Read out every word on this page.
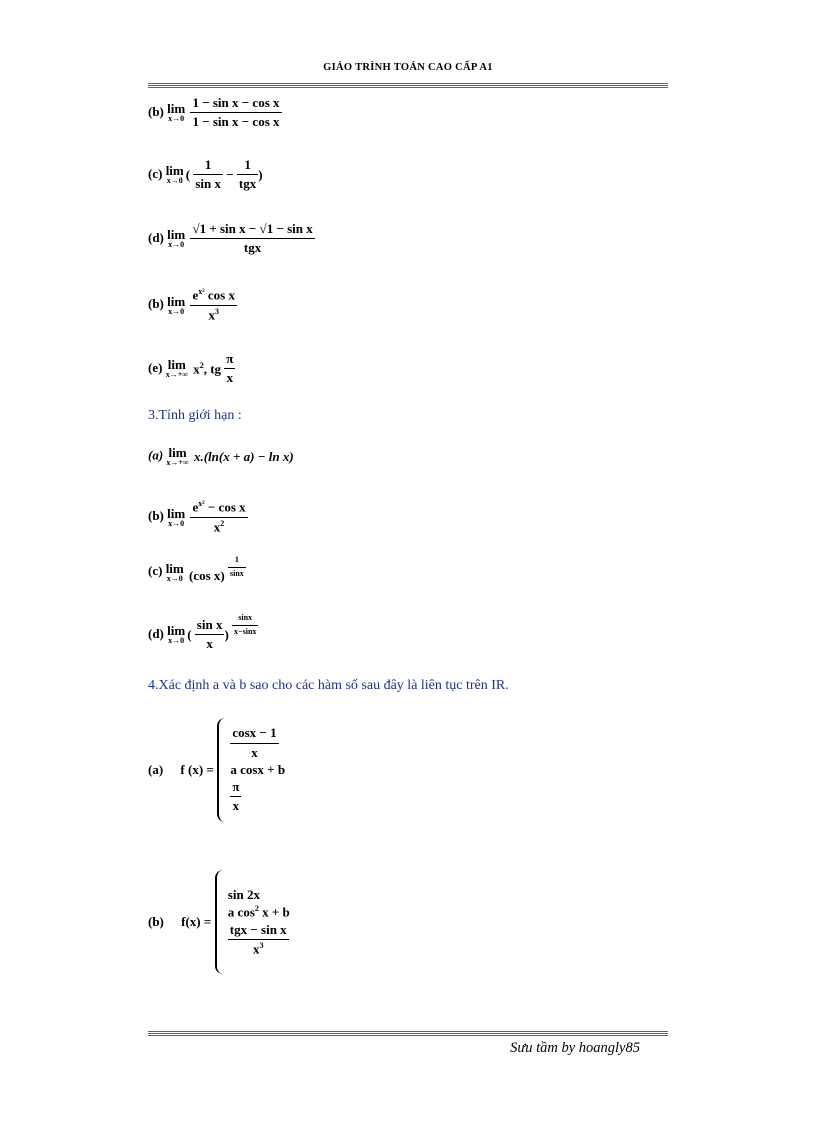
GIÁO TRÌNH TOÁN CAO CẤP A1
(b) lim
x→0
$\frac{\text{1 − sin x − cos x}}{\text{1 − sin x − cos x}}$
(c) lim
x→0 ( $\frac{1}{\text{sin x}} - \frac{1}{\text{tgx}}$ )
(d) lim
x→0
$\frac{\text{√1 + sin x − √1 − sin x}}{\text{tgx}}$
(b) lim
x→0
$\frac{e^{x^2} \cos x}{x^3}$
(e) lim
x→+∞ $x^2$, tg $\frac{\pi}{x}$
3.Tính giới hạn :
(a) lim
x→+∞ x.(ln(x + a) − ln x)
(b) lim
x→0
$\frac{e^{x^2} - \cos x}{x^2}$
(c) lim
x→0 (cos $x) \frac{1}{\sin x}$
(d) lim
x→0 ( $\frac{\text{sin x}}{x}$ ) $\frac{\sin x}{x-\sin x}$
4.Xác định a và b sao cho các hàm số sau đây là liên tục trên IR.
(a) f (x) =
$\frac{\cos x - 1}{x}$
a cosx + b
$\frac{\pi}{x}$
(b) f(x) =
sin 2x
a $\cos^2 x + b$
$\frac{\text{tgx − sin x}}{x^3}$
Sưu tầm by hoangly85
